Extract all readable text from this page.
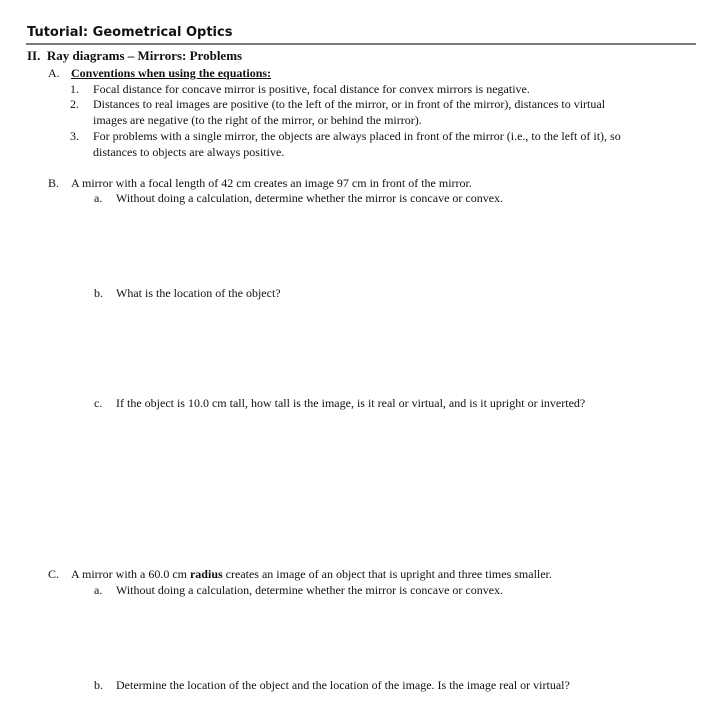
Tutorial: Geometrical Optics
II. Ray diagrams – Mirrors: Problems
A. Conventions when using the equations:
1. Focal distance for concave mirror is positive, focal distance for convex mirrors is negative.
2. Distances to real images are positive (to the left of the mirror, or in front of the mirror), distances to virtual
images are negative (to the right of the mirror, or behind the mirror).
3. For problems with a single mirror, the objects are always placed in front of the mirror (i.e., to the left of it), so
distances to objects are always positive.
B. A mirror with a focal length of 42 cm creates an image 97 cm in front of the mirror.
a. Without doing a calculation, determine whether the mirror is concave or convex.
b. What is the location of the object?
c. If the object is 10.0 cm tall, how tall is the image, is it real or virtual, and is it upright or inverted?
C. A mirror with a 60.0 cm radius creates an image of an object that is upright and three times smaller.
a. Without doing a calculation, determine whether the mirror is concave or convex.
b. Determine the location of the object and the location of the image. Is the image real or virtual?
